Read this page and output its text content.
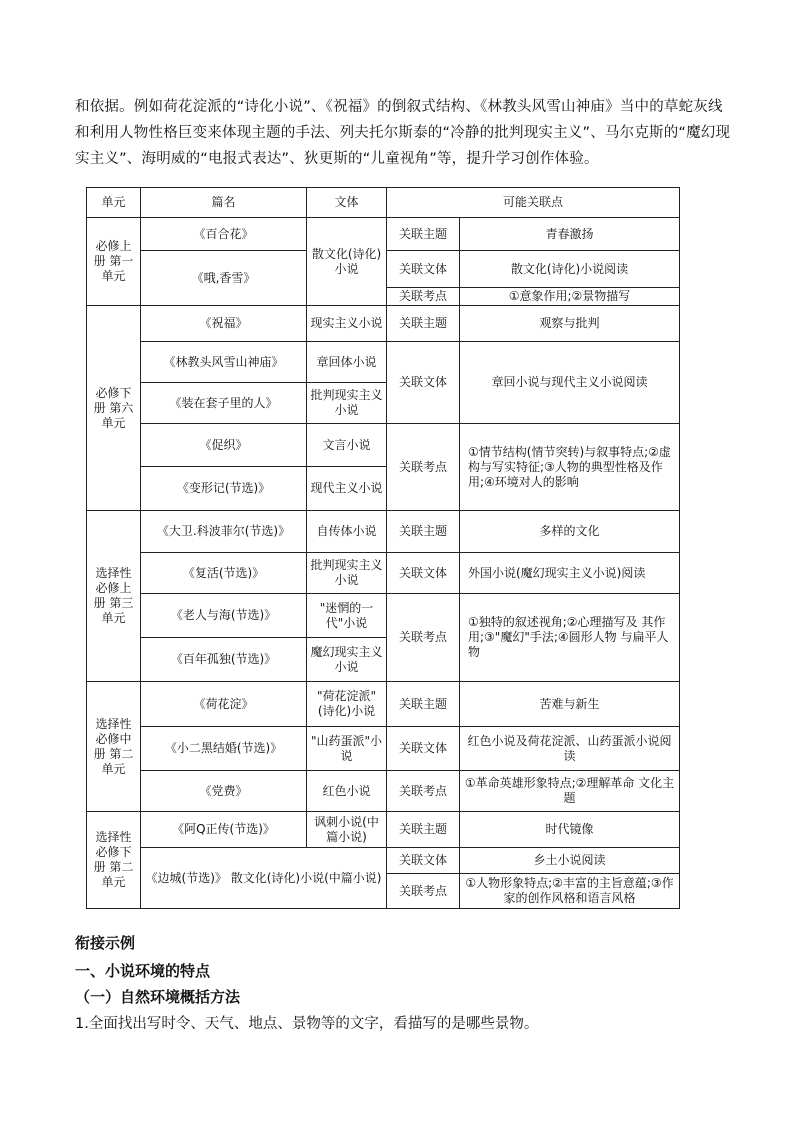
和依据。例如荷花淀派的“诗化小说”、《祝福》的倒叙式结构、《林教头风雪山神庙》当中的草蛇灰线和利用人物性格巨变来体现主题的手法、列夫托尔斯泰的“冷静的批判现实主义”、马尔克斯的“魔幻现实主义”、海明威的“电报式表达”、狄更斯的“儿童视角”等，提升学习创作体验。

单元	篇名	文体	可能关联点	
必修上册 第一单元	《百合花》	散文化(诗化)小说	关联主题	青春激扬
	《哦,香雪》		关联文体	散文化(诗化)小说阅读
			关联考点	①意象作用;②景物描写
必修下册 第六单元	《祝福》	现实主义小说	关联主题	观察与批判
	《林教头风雪山神庙》	章回体小说	关联文体	章回小说与现代主义小说阅读
	《装在套子里的人》	批判现实主义小说		
	《促织》	文言小说	关联考点	①情节结构(情节突转)与叙事特点;②虚构与写实特征;③人物的典型性格及作用;④环境对人的影响
	《变形记(节选)》	现代主义小说		
选择性必修上册 第三单元	《大卫.科波菲尔(节选)》	自传体小说	关联主题	多样的文化
	《复活(节选)》	批判现实主义小说	关联文体	外国小说(魔幻现实主义小说)阅读
	《老人与海(节选)》	"迷惘的一代"小说	关联考点	①独特的叙述视角;②心理描写及 其作用;③"魔幻"手法;④圆形人物 与扁平人物
	《百年孤独(节选)》	魔幻现实主义小说		
选择性必修中册 第二单元	《荷花淀》	"荷花淀派"(诗化)小说	关联主题	苦难与新生
	《小二黑结婚(节选)》	"山药蛋派"小说	关联文体	红色小说及荷花淀派、山药蛋派小说阅读
	《党费》	红色小说	关联考点	①革命英雄形象特点;②理解革命 文化主题
选择性必修下册 第二单元	《阿Q正传(节选)》	讽刺小说(中篇小说)	关联主题	时代镜像
	《边城(节选)》 散文化(诗化)小说(中篇小说)		关联文体	乡土小说阅读
			关联考点	①人物形象特点;②丰富的主旨意蕴;③作家的创作风格和语言风格

衔接示例

一、小说环境的特点

（一）自然环境概括方法

1.全面找出写时令、天气、地点、景物等的文字，看描写的是哪些景物。
